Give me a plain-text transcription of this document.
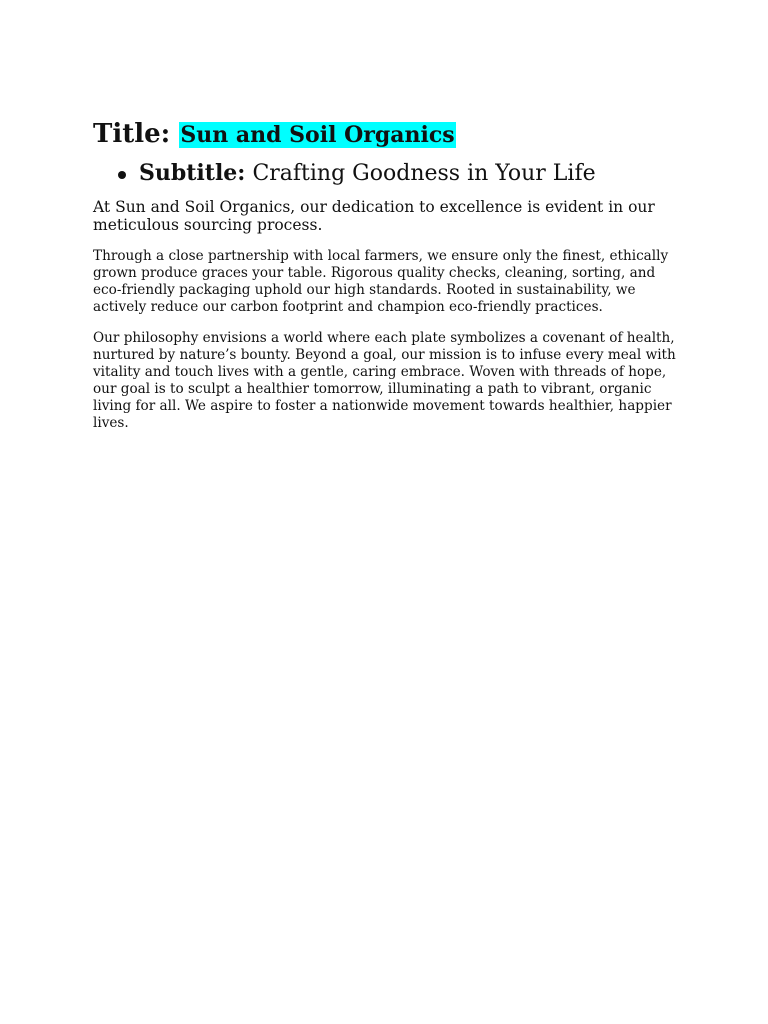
Title: Sun and Soil Organics
Subtitle: Crafting Goodness in Your Life

At Sun and Soil Organics, our dedication to excellence is evident in our meticulous sourcing process.

Through a close partnership with local farmers, we ensure only the finest, ethically grown produce graces your table. Rigorous quality checks, cleaning, sorting, and eco-friendly packaging uphold our high standards. Rooted in sustainability, we actively reduce our carbon footprint and champion eco-friendly practices.

Our philosophy envisions a world where each plate symbolizes a covenant of health, nurtured by nature’s bounty. Beyond a goal, our mission is to infuse every meal with vitality and touch lives with a gentle, caring embrace. Woven with threads of hope, our goal is to sculpt a healthier tomorrow, illuminating a path to vibrant, organic living for all. We aspire to foster a nationwide movement towards healthier, happier lives.
